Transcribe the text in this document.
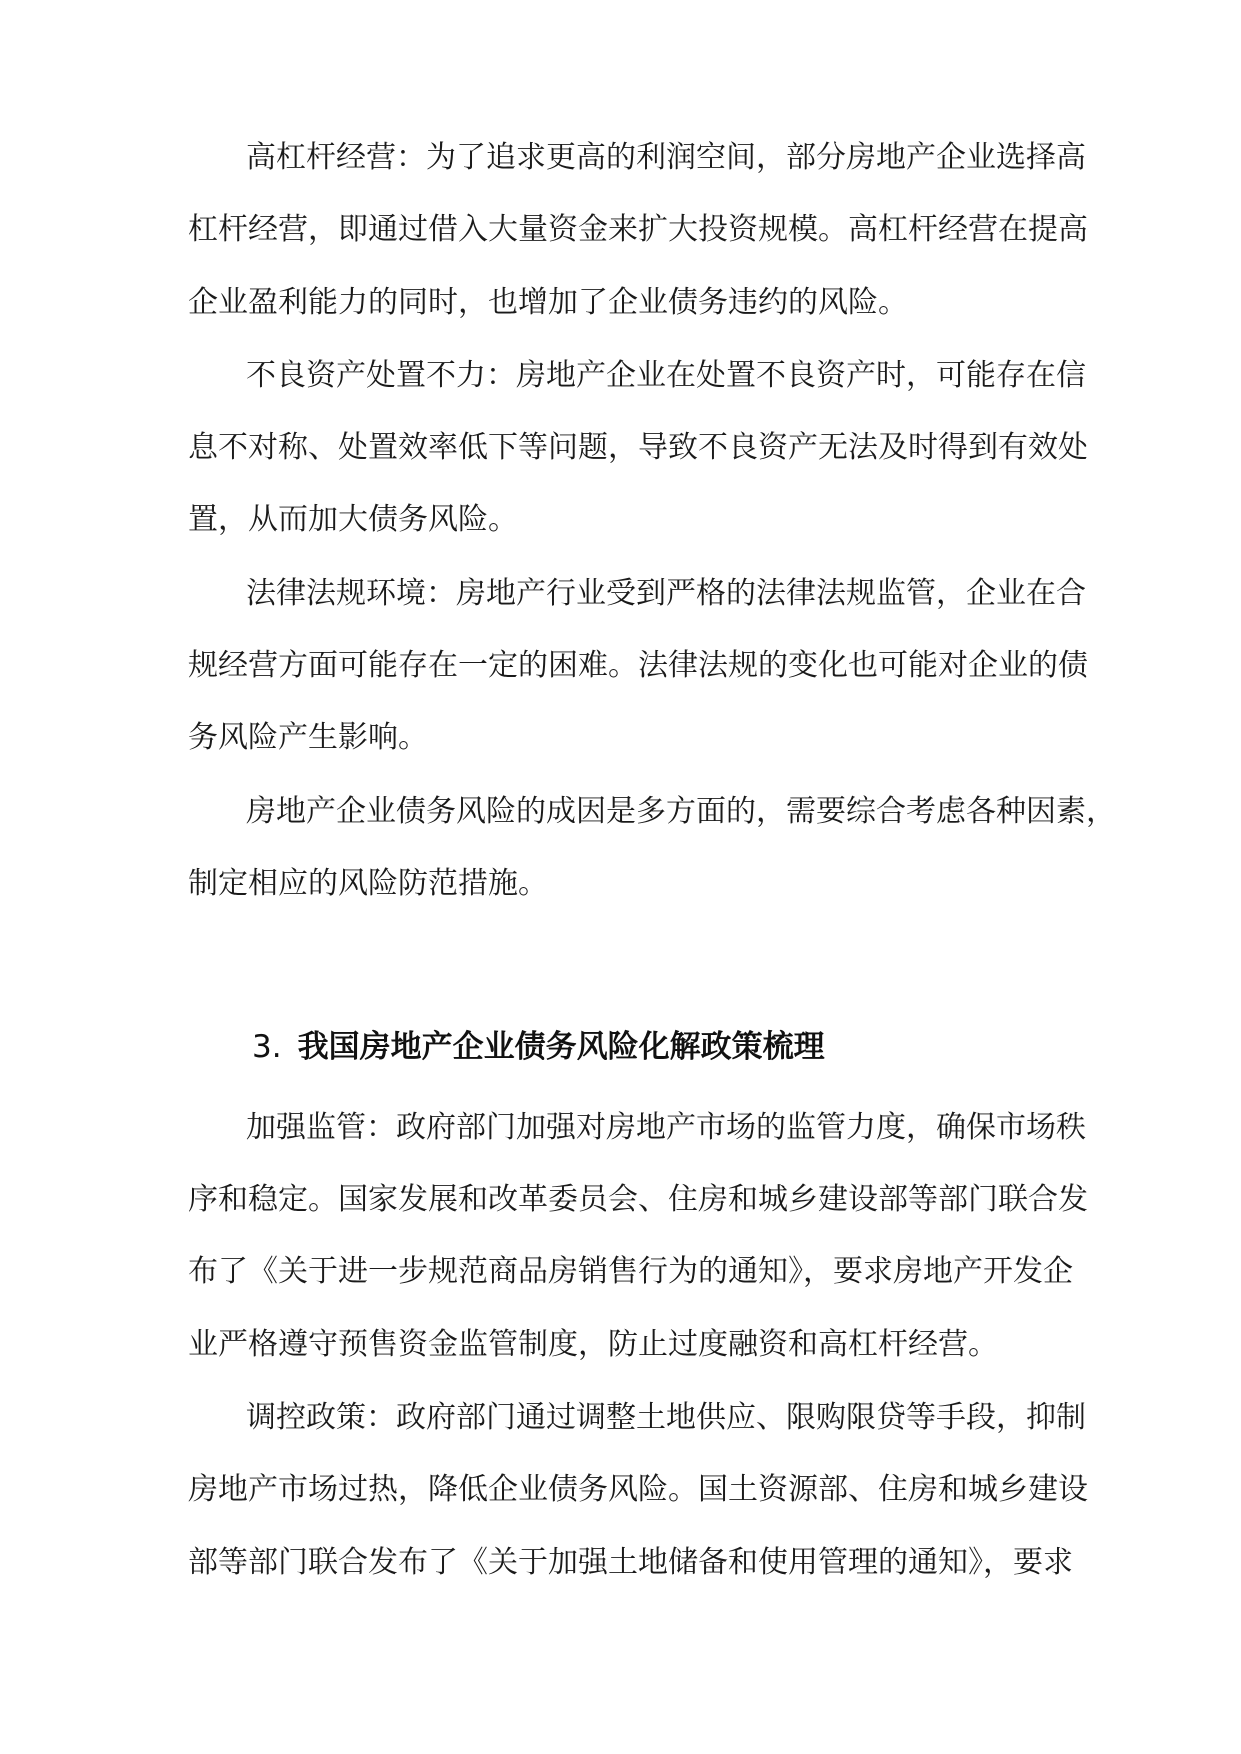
高杠杆经营：为了追求更高的利润空间，部分房地产企业选择高
杠杆经营，即通过借入大量资金来扩大投资规模。高杠杆经营在提高
企业盈利能力的同时，也增加了企业债务违约的风险。
不良资产处置不力：房地产企业在处置不良资产时，可能存在信
息不对称、处置效率低下等问题，导致不良资产无法及时得到有效处
置，从而加大债务风险。
法律法规环境：房地产行业受到严格的法律法规监管，企业在合
规经营方面可能存在一定的困难。法律法规的变化也可能对企业的债
务风险产生影响。
房地产企业债务风险的成因是多方面的，需要综合考虑各种因素，
制定相应的风险防范措施。
3. 我国房地产企业债务风险化解政策梳理
加强监管：政府部门加强对房地产市场的监管力度，确保市场秩
序和稳定。国家发展和改革委员会、住房和城乡建设部等部门联合发
布了《关于进一步规范商品房销售行为的通知》，要求房地产开发企
业严格遵守预售资金监管制度，防止过度融资和高杠杆经营。
调控政策：政府部门通过调整土地供应、限购限贷等手段，抑制
房地产市场过热，降低企业债务风险。国土资源部、住房和城乡建设
部等部门联合发布了《关于加强土地储备和使用管理的通知》，要求
